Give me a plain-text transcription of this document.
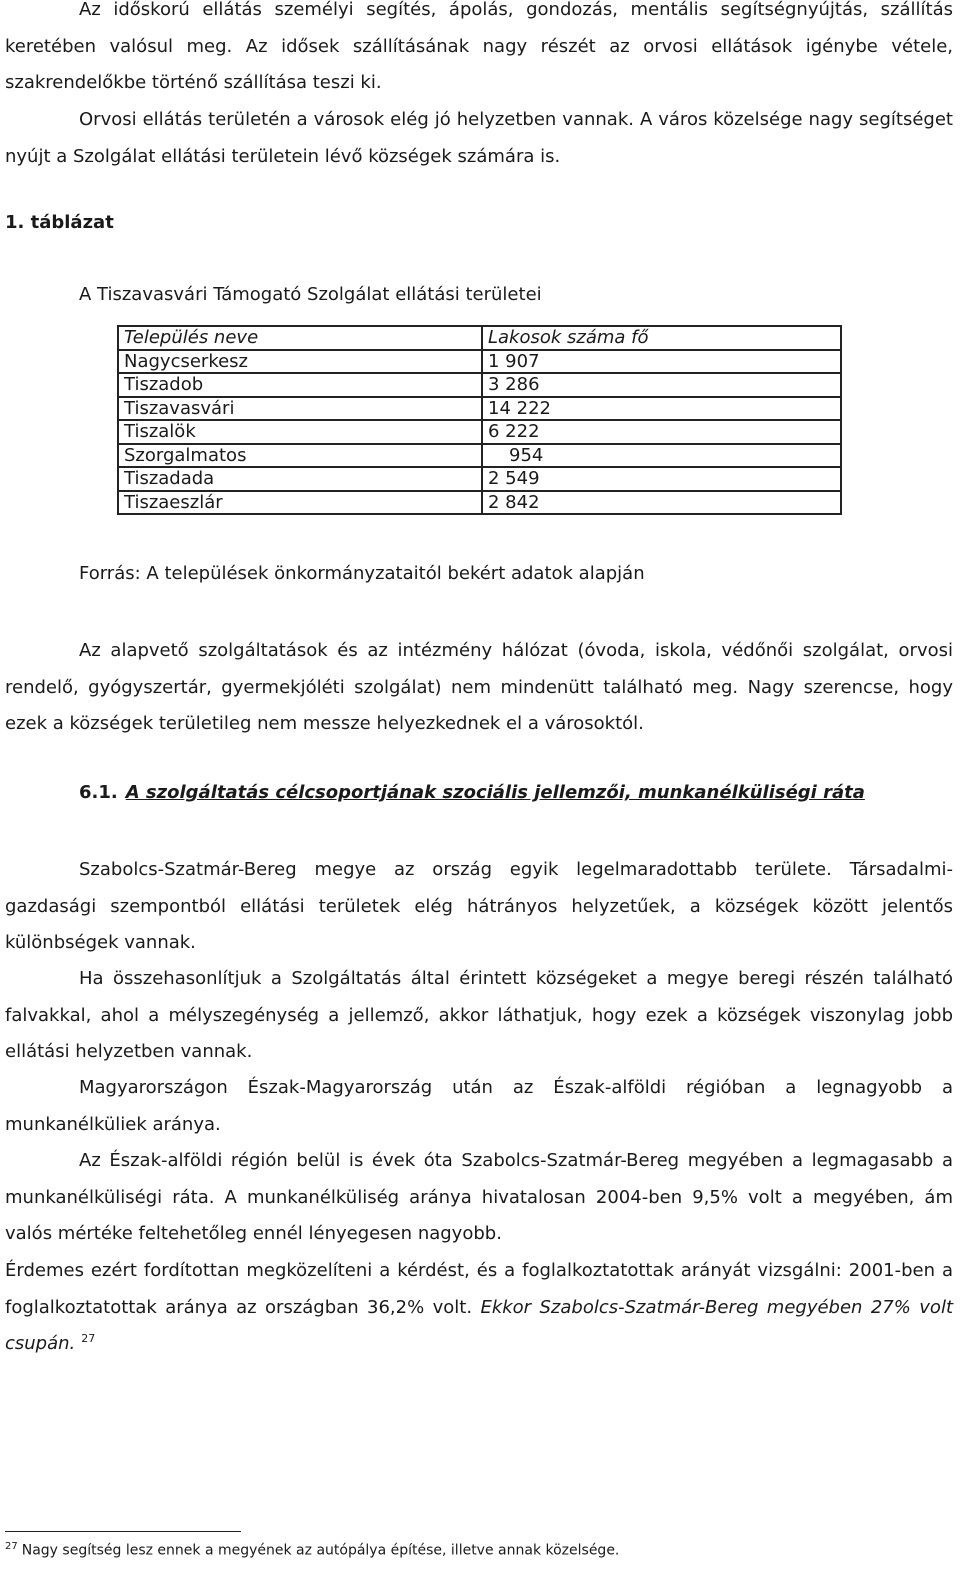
Az időskorú ellátás személyi segítés, ápolás, gondozás, mentális segítségnyújtás, szállítás keretében valósul meg. Az idősek szállításának nagy részét az orvosi ellátások igénybe vétele, szakrendelőkbe történő szállítása teszi ki.

Orvosi ellátás területén a városok elég jó helyzetben vannak. A város közelsége nagy segítséget nyújt a Szolgálat ellátási területein lévő községek számára is.

1. táblázat
A Tiszavasvári Támogató Szolgálat ellátási területei
Település neve	Lakosok száma fő
Nagycserkesz	1 907
Tiszadob	3 286
Tiszavasvári	14 222
Tiszalök	6 222
Szorgalmatos	954
Tiszadada	2 549
Tiszaeszlár	2 842
Forrás: A települések önkormányzataitól bekért adatok alapján

Az alapvető szolgáltatások és az intézmény hálózat (óvoda, iskola, védőnői szolgálat, orvosi rendelő, gyógyszertár, gyermekjóléti szolgálat) nem mindenütt található meg. Nagy szerencse, hogy ezek a községek területileg nem messze helyezkednek el a városoktól.

6.1. A szolgáltatás célcsoportjának szociális jellemzői, munkanélküliségi ráta

Szabolcs-Szatmár-Bereg megye az ország egyik legelmaradottabb területe. Társadalmi-gazdasági szempontból ellátási területek elég hátrányos helyzetűek, a községek között jelentős különbségek vannak.

Ha összehasonlítjuk a Szolgáltatás által érintett községeket a megye beregi részén található falvakkal, ahol a mélyszegénység a jellemző, akkor láthatjuk, hogy ezek a községek viszonylag jobb ellátási helyzetben vannak.

Magyarországon Észak-Magyarország után az Észak-alföldi régióban a legnagyobb a munkanélküliek aránya.

Az Észak-alföldi régión belül is évek óta Szabolcs-Szatmár-Bereg megyében a legmagasabb a munkanélküliségi ráta. A munkanélküliség aránya hivatalosan 2004-ben 9,5% volt a megyében, ám valós mértéke feltehetőleg ennél lényegesen nagyobb.

Érdemes ezért fordítottan megközelíteni a kérdést, és a foglalkoztatottak arányát vizsgálni: 2001-ben a foglalkoztatottak aránya az országban 36,2% volt. Ekkor Szabolcs-Szatmár-Bereg megyében 27% volt csupán. $^{27}$

$^{27}$ Nagy segítség lesz ennek a megyének az autópálya építése, illetve annak közelsége.
